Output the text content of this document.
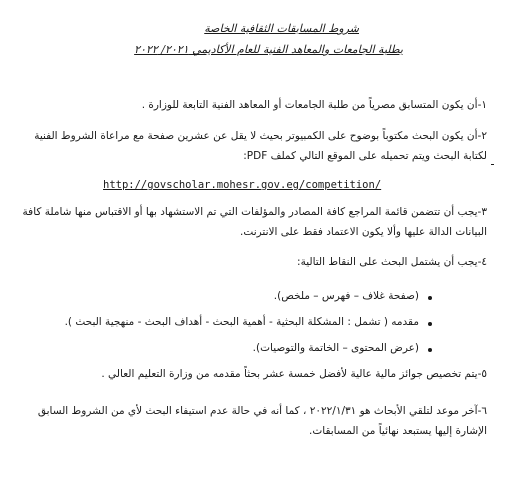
شروط المسابقات الثقافية الخاصة
بطلبة الجامعات والمعاهد الفنية للعام الأكاديمي ٢٠٢١/ ٢٠٢٢
١-أن يكون المتسابق مصرياً من طلبة الجامعات أو المعاهد الفنية التابعة للوزارة .
٢-أن يكون البحث مكتوباً بوضوح على الكمبيوتر بحيث لا يقل عن عشرين صفحة مع مراعاة الشروط الفنية
لكتابة البحث ويتم تحميله على الموقع التالي كملف PDF:
http://govscholar.mohesr.gov.eg/competition/
٣-يجب أن تتضمن قائمة المراجع كافة المصادر والمؤلفات التي تم الاستشهاد بها أو الاقتباس منها شاملة كافة
البيانات الدالة عليها وألا يكون الاعتماد فقط على الانترنت.
٤-يجب أن يشتمل البحث على النقاط التالية:
(صفحة غلاف – فهرس – ملخص).
مقدمه ( تشمل : المشكلة البحثية - أهمية البحث - أهداف البحث - منهجية البحث ).
(عرض المحتوى – الخاتمة والتوصيات).
٥-يتم تخصيص جوائز مالية عالية لأفضل خمسة عشر بحثاً مقدمه من وزارة التعليم العالي .
٦-آخر موعد لتلقي الأبحاث هو ٢٠٢٢/١/٣١ ، كما أنه في حالة عدم استيفاء البحث لأي من الشروط السابق
الإشارة إليها يستبعد نهائياً من المسابقات.
